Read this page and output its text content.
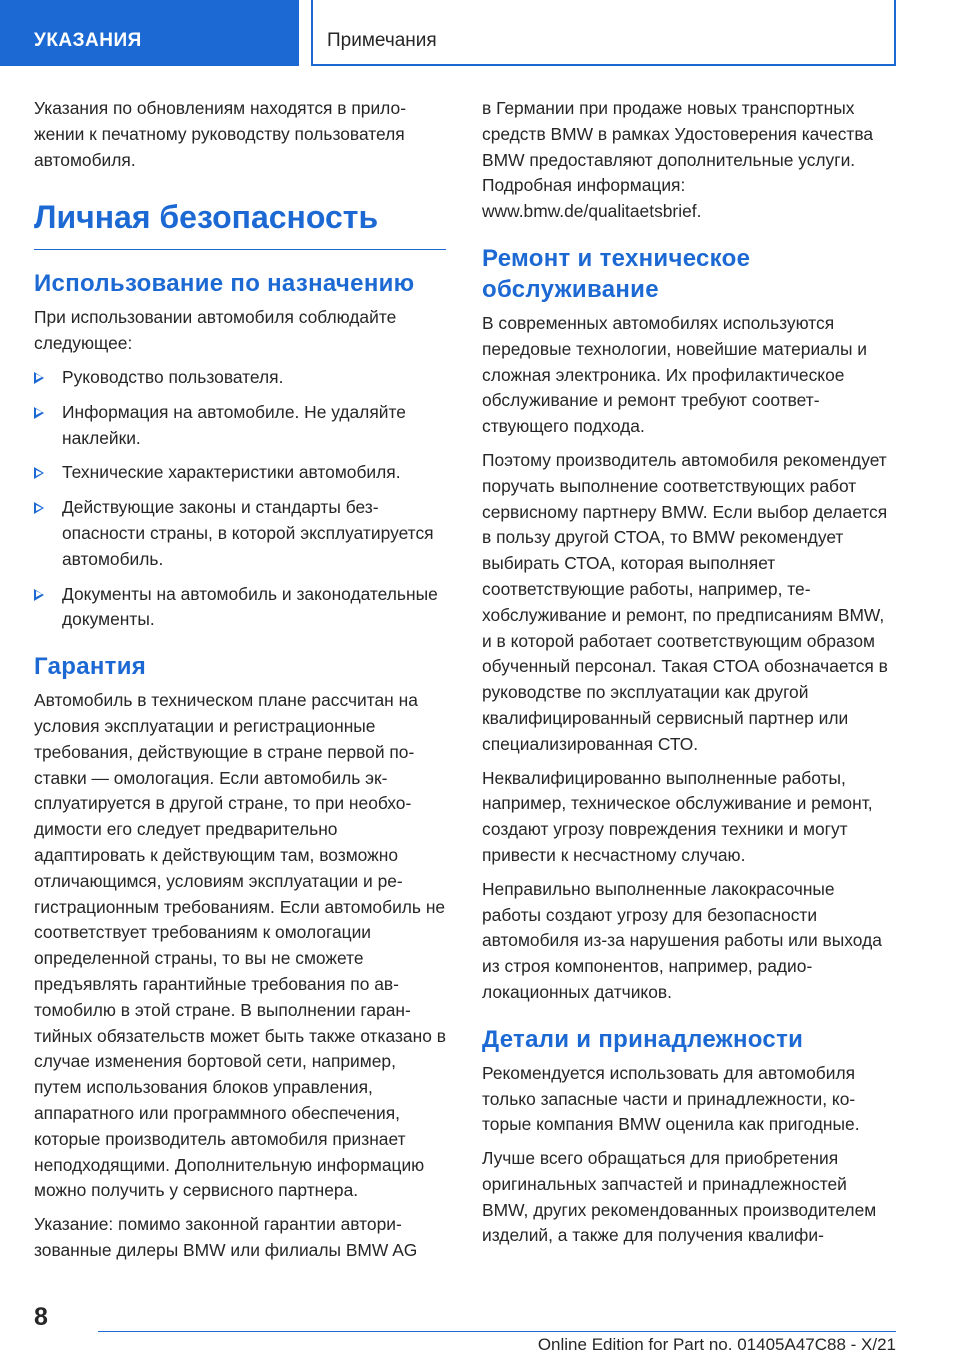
УКАЗАНИЯ	Примечания

Указания по обновлениям находятся в приложении к печатному руководству пользователя автомобиля.

Личная безопасность
Использование по назначению

При использовании автомобиля соблюдайте следующее:

Руководство пользователя.
Информация на автомобиле. Не удаляйте наклейки.
Технические характеристики автомобиля.
Действующие законы и стандарты безопасности страны, в которой эксплуатируется автомобиль.
Документы на автомобиль и законодательные документы.
Гарантия

Автомобиль в техническом плане рассчитан на условия эксплуатации и регистрационные требования, действующие в стране первой поставки — омологация. Если автомобиль эксплуатируется в другой стране, то при необходимости его следует предварительно адаптировать к действующим там, возможно отличающимся, условиям эксплуатации и регистрационным требованиям. Если автомобиль не соответствует требованиям к омологации определенной страны, то вы не сможете предъявлять гарантийные требования по автомобилю в этой стране. В выполнении гарантийных обязательств может быть также отказано в случае изменения бортовой сети, например, путем использования блоков управления, аппаратного или программного обеспечения, которые производитель автомобиля признает неподходящими. Дополнительную информацию можно получить у сервисного партнера.

Указание: помимо законной гарантии авторизованные дилеры BMW или филиалы BMW AG

в Германии при продаже новых транспортных средств BMW в рамках Удостоверения качества BMW предоставляют дополнительные услуги. Подробная информация: www.bmw.de/qualitaetsbrief.

Ремонт и техническое обслуживание

В современных автомобилях используются передовые технологии, новейшие материалы и сложная электроника. Их профилактическое обслуживание и ремонт требуют соответствующего подхода.

Поэтому производитель автомобиля рекомендует поручать выполнение соответствующих работ сервисному партнеру BMW. Если выбор делается в пользу другой СТОА, то BMW рекомендует выбирать СТОА, которая выполняет соответствующие работы, например, техобслуживание и ремонт, по предписаниям BMW, и в которой работает соответствующим образом обученный персонал. Такая СТОА обозначается в руководстве по эксплуатации как другой квалифицированный сервисный партнер или специализированная СТО.

Неквалифицированно выполненные работы, например, техническое обслуживание и ремонт, создают угрозу повреждения техники и могут привести к несчастному случаю.

Неправильно выполненные лакокрасочные работы создают угрозу для безопасности автомобиля из-за нарушения работы или выхода из строя компонентов, например, радиолокационных датчиков.

Детали и принадлежности

Рекомендуется использовать для автомобиля только запасные части и принадлежности, которые компания BMW оценила как пригодные.

Лучше всего обращаться для приобретения оригинальных запчастей и принадлежностей BMW, других рекомендованных производителем изделий, а также для получения квалифи-

8
Online Edition for Part no. 01405A47C88 - X/21
